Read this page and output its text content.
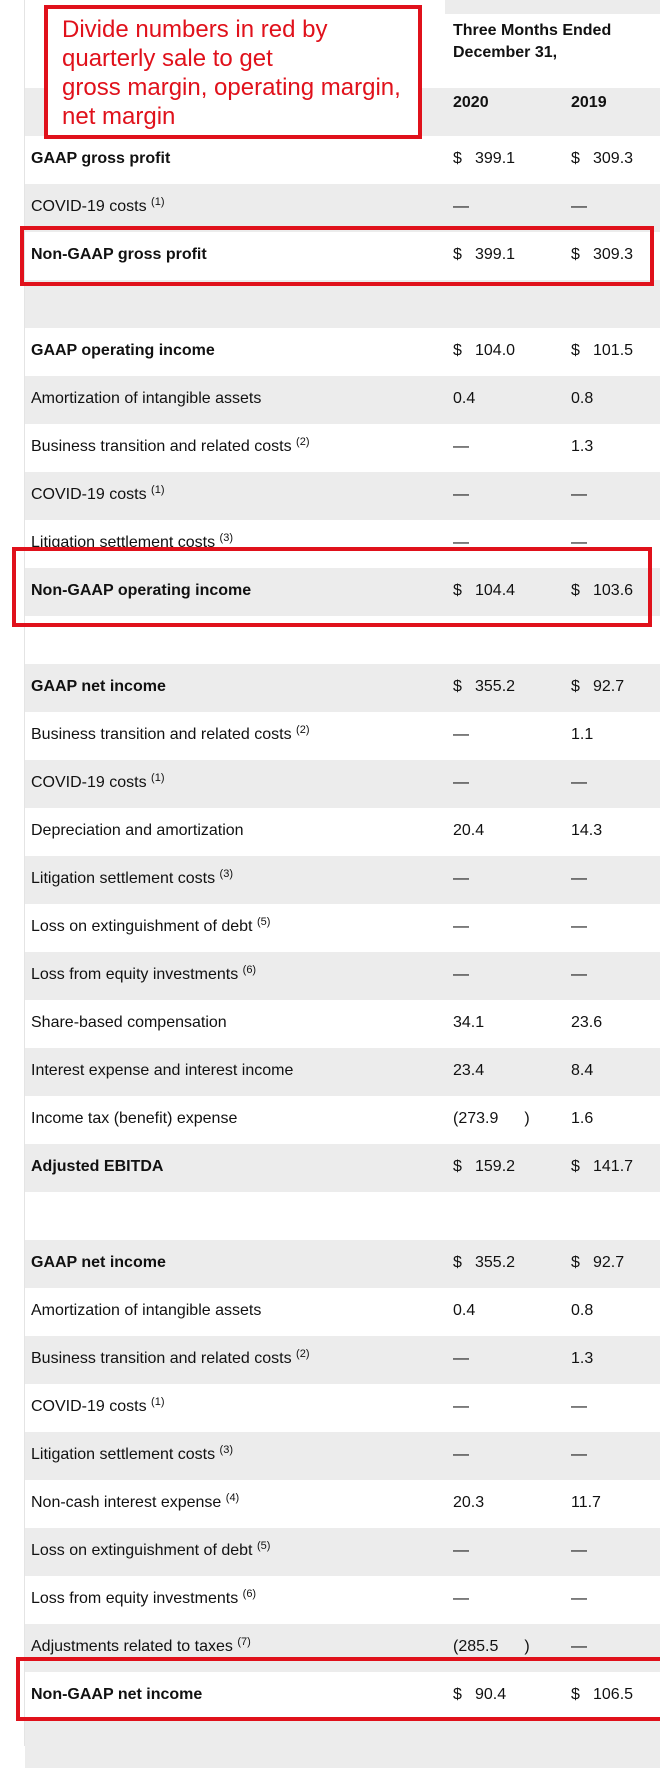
Three Months Ended December 31,
2020	2019
GAAP gross profit	$ 399.1	$ 309.3
COVID-19 costs $^{(1)}$	—	—
Non-GAAP gross profit	$ 399.1	$ 309.3
GAAP operating income	$ 104.0	$ 101.5
Amortization of intangible assets	0.4	0.8
Business transition and related costs $^{(2)}$	—	1.3
COVID-19 costs $^{(1)}$	—	—
Litigation settlement costs $^{(3)}$	—	—
Non-GAAP operating income	$ 104.4	$ 103.6
GAAP net income	$ 355.2	$ 92.7
Business transition and related costs $^{(2)}$	—	1.1
COVID-19 costs $^{(1)}$	—	—
Depreciation and amortization	20.4	14.3
Litigation settlement costs $^{(3)}$	—	—
Loss on extinguishment of debt $^{(5)}$	—	—
Loss from equity investments $^{(6)}$	—	—
Share-based compensation	34.1	23.6
Interest expense and interest income	23.4	8.4
Income tax (benefit) expense	(273.9 )	1.6
Adjusted EBITDA	$ 159.2	$ 141.7
GAAP net income	$ 355.2	$ 92.7
Amortization of intangible assets	0.4	0.8
Business transition and related costs $^{(2)}$	—	1.3
COVID-19 costs $^{(1)}$	—	—
Litigation settlement costs $^{(3)}$	—	—
Non-cash interest expense $^{(4)}$	20.3	11.7
Loss on extinguishment of debt $^{(5)}$	—	—
Loss from equity investments $^{(6)}$	—	—
Adjustments related to taxes $^{(7)}$	(285.5 )	—
Non-GAAP net income	$ 90.4	$ 106.5
Divide numbers in red by
quarterly sale to get
gross margin, operating margin,
net margin
